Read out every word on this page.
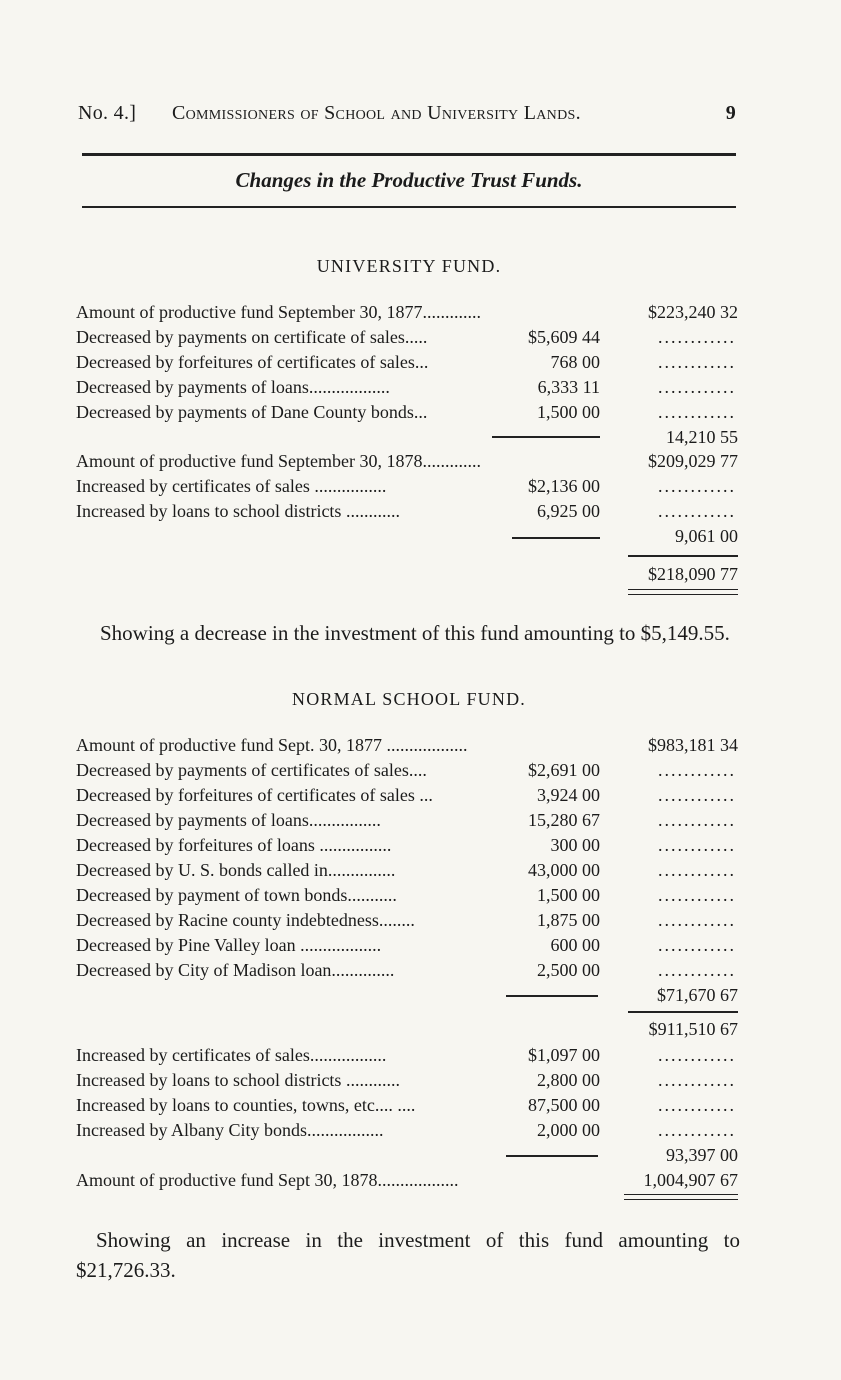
No. 4.] Commissioners of School and University Lands.	9
Changes in the Productive Trust Funds.
UNIVERSITY FUND.
Amount of productive fund September 30, 1877.............	$223,240 32
Decreased by payments on certificate of sales.....	$5,609 44	............
Decreased by forfeitures of certificates of sales...	768 00	............
Decreased by payments of loans..................	6,333 11	............
Decreased by payments of Dane County bonds...	1,500 00	............
14,210 55
Amount of productive fund September 30, 1878.............	$209,029 77
Increased by certificates of sales ................	$2,136 00	............
Increased by loans to school districts ............	6,925 00	............
9,061 00
$218,090 77
Showing a decrease in the investment of this fund amounting to $5,149.55.
NORMAL SCHOOL FUND.
Amount of productive fund Sept. 30, 1877 ..................	$983,181 34
Decreased by payments of certificates of sales....	$2,691 00	............
Decreased by forfeitures of certificates of sales ...	3,924 00	............
Decreased by payments of loans................	15,280 67	............
Decreased by forfeitures of loans ................	300 00	............
Decreased by U. S. bonds called in...............	43,000 00	............
Decreased by payment of town bonds...........	1,500 00	............
Decreased by Racine county indebtedness........	1,875 00	............
Decreased by Pine Valley loan ..................	600 00	............
Decreased by City of Madison loan..............	2,500 00	............
$71,670 67
$911,510 67
Increased by certificates of sales.................	$1,097 00	............
Increased by loans to school districts ............	2,800 00	............
Increased by loans to counties, towns, etc.... ....	87,500 00	............
Increased by Albany City bonds.................	2,000 00	............
93,397 00
Amount of productive fund Sept 30, 1878..................	1,004,907 67
Showing an increase in the investment of this fund amounting to $21,726.33.
